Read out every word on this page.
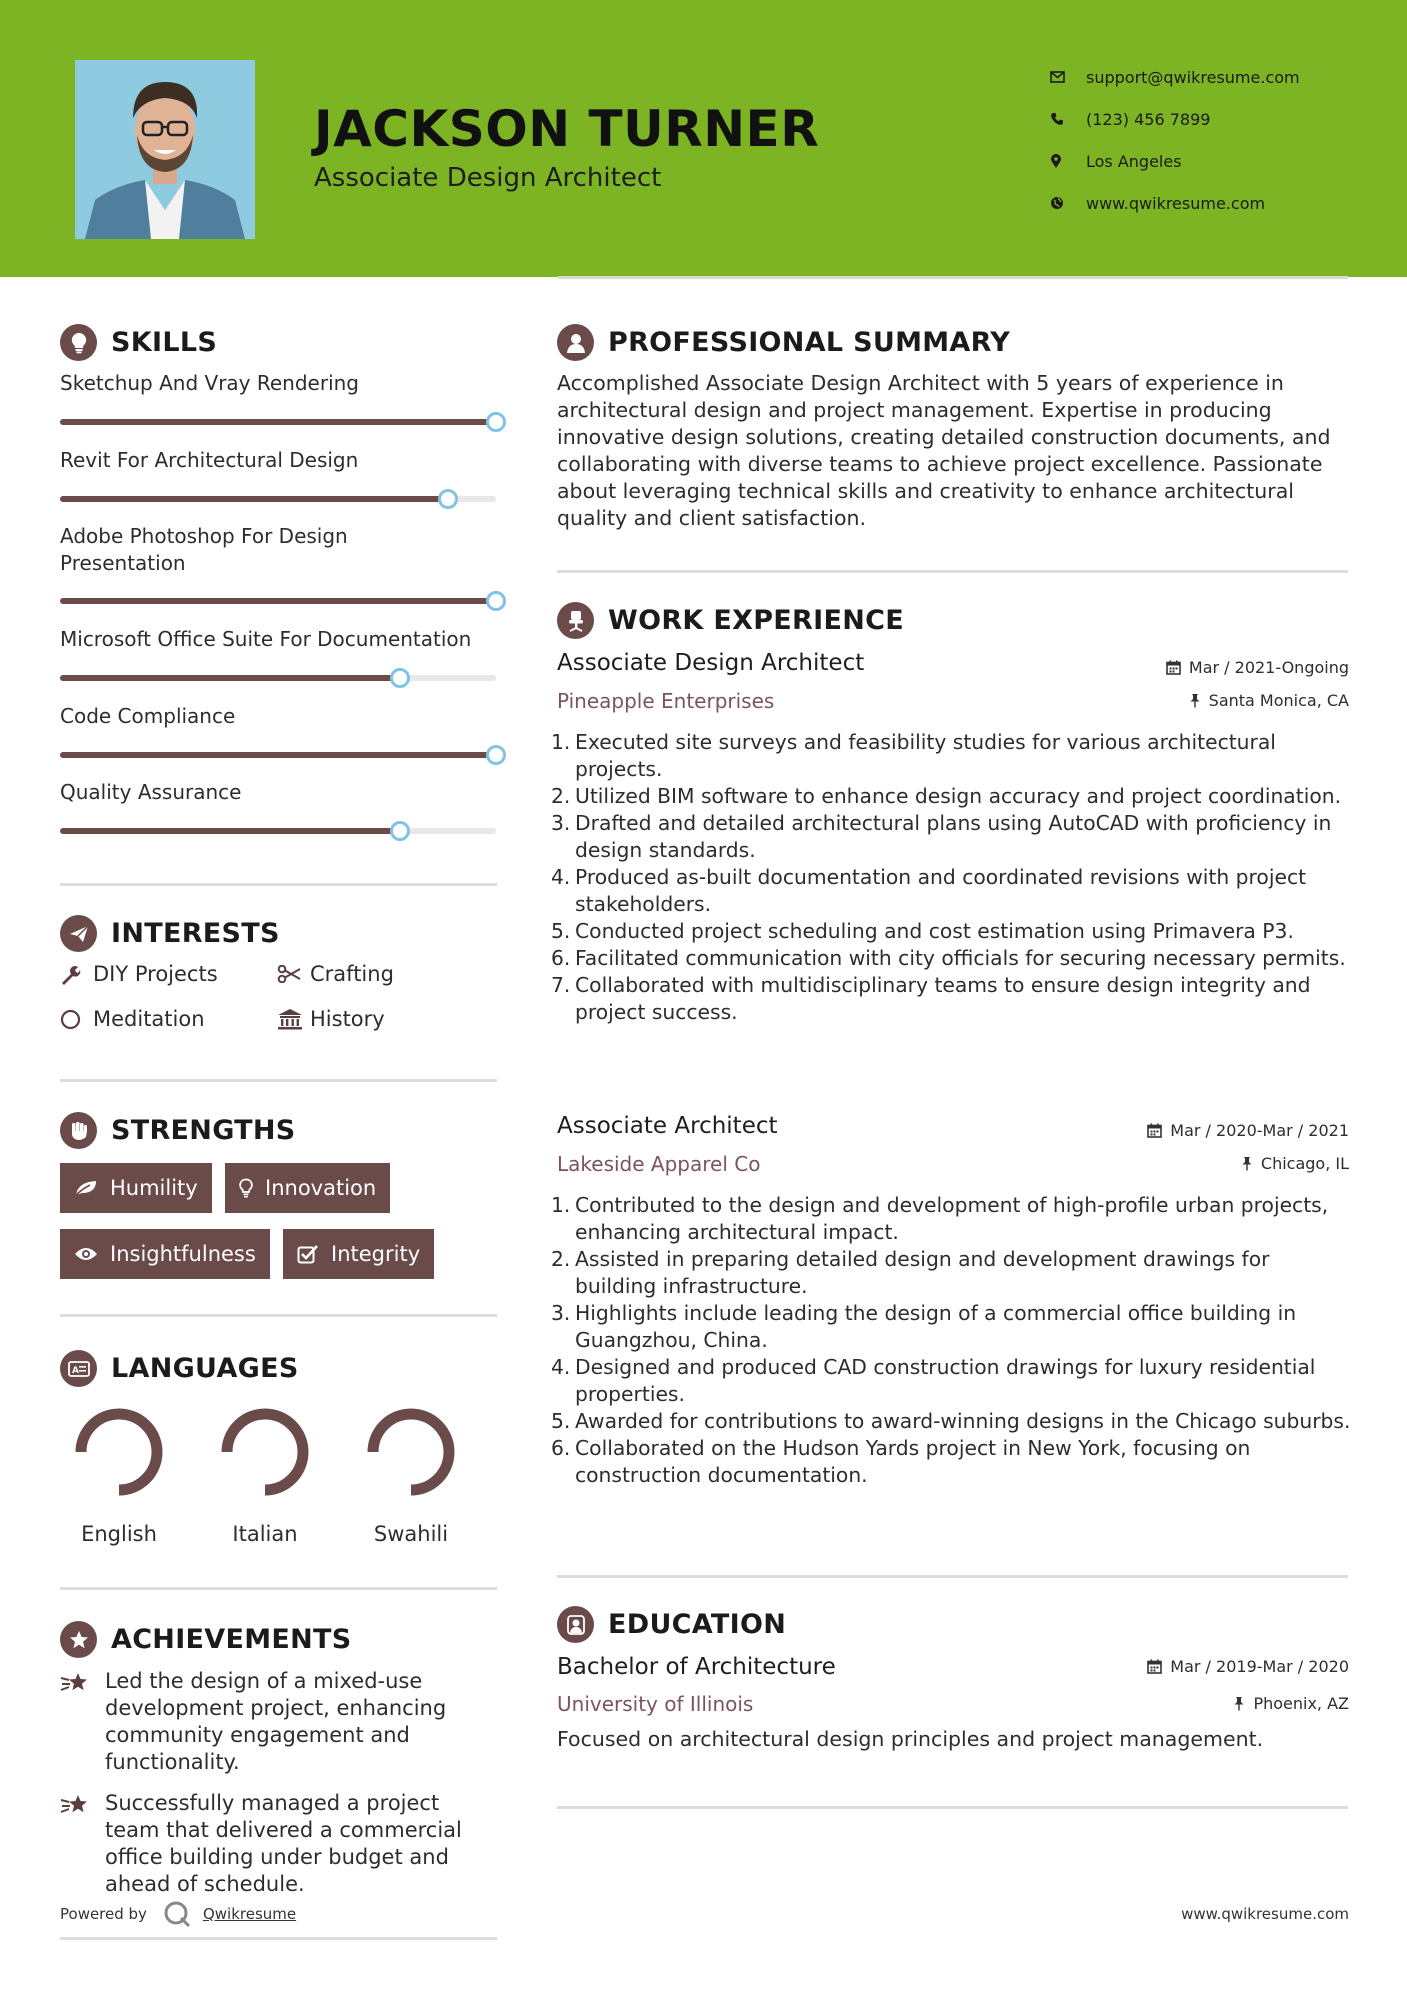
JACKSON TURNER
Associate Design Architect
support@qwikresume.com
(123) 456 7899
Los Angeles
www.qwikresume.com
SKILLS
Sketchup And Vray Rendering
Revit For Architectural Design
Adobe Photoshop For Design Presentation
Microsoft Office Suite For Documentation
Code Compliance
Quality Assurance
INTERESTS
DIY Projects	Crafting
Meditation	History
STRENGTHS
Humility	Innovation
Insightfulness	Integrity
A LANGUAGES
English	Italian	Swahili
ACHIEVEMENTS
Led the design of a mixed-use development project, enhancing community engagement and functionality.
Successfully managed a project team that delivered a commercial office building under budget and ahead of schedule.
Powered by	Qwikresume
PROFESSIONAL SUMMARY
Accomplished Associate Design Architect with 5 years of experience in architectural design and project management. Expertise in producing innovative design solutions, creating detailed construction documents, and collaborating with diverse teams to achieve project excellence. Passionate about leveraging technical skills and creativity to enhance architectural quality and client satisfaction.
WORK EXPERIENCE
Associate Design Architect	Mar / 2021-Ongoing
Pineapple Enterprises	Santa Monica, CA
1. Executed site surveys and feasibility studies for various architectural projects.
2. Utilized BIM software to enhance design accuracy and project coordination.
3. Drafted and detailed architectural plans using AutoCAD with proficiency in design standards.
4. Produced as-built documentation and coordinated revisions with project stakeholders.
5. Conducted project scheduling and cost estimation using Primavera P3.
6. Facilitated communication with city officials for securing necessary permits.
7. Collaborated with multidisciplinary teams to ensure design integrity and project success.
Associate Architect	Mar / 2020-Mar / 2021
Lakeside Apparel Co	Chicago, IL
1. Contributed to the design and development of high-profile urban projects, enhancing architectural impact.
2. Assisted in preparing detailed design and development drawings for building infrastructure.
3. Highlights include leading the design of a commercial office building in Guangzhou, China.
4. Designed and produced CAD construction drawings for luxury residential properties.
5. Awarded for contributions to award-winning designs in the Chicago suburbs.
6. Collaborated on the Hudson Yards project in New York, focusing on construction documentation.
EDUCATION
Bachelor of Architecture	Mar / 2019-Mar / 2020
University of Illinois	Phoenix, AZ
Focused on architectural design principles and project management.
www.qwikresume.com
